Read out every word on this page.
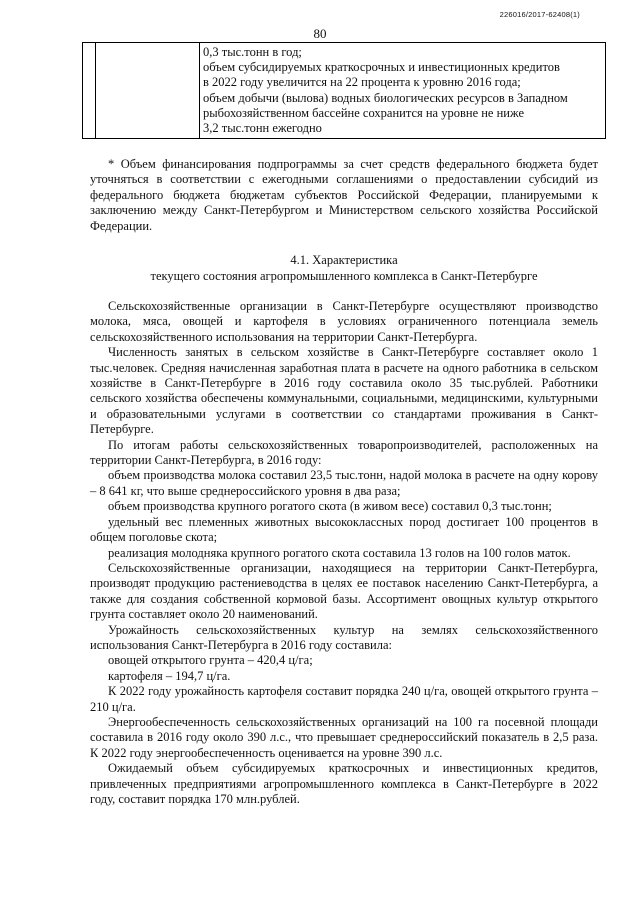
226016/2017-62408(1)
80

0,3 тыс.тонн в год;
объем субсидируемых краткосрочных и инвестиционных кредитов
в 2022 году увеличится на 22 процента к уровню 2016 года;
объем добычи (вылова) водных биологических ресурсов в Западном
рыбохозяйственном бассейне сохранится на уровне не ниже
3,2 тыс.тонн ежегодно

* Объем финансирования подпрограммы за счет средств федерального бюджета будет уточняться в соответствии с ежегодными соглашениями о предоставлении субсидий из федерального бюджета бюджетам субъектов Российской Федерации, планируемыми к заключению между Санкт-Петербургом и Министерством сельского хозяйства Российской Федерации.

4.1. Характеристика
текущего состояния агропромышленного комплекса в Санкт-Петербурге

Сельскохозяйственные организации в Санкт-Петербурге осуществляют производство молока, мяса, овощей и картофеля в условиях ограниченного потенциала земель сельскохозяйственного использования на территории Санкт-Петербурга.

Численность занятых в сельском хозяйстве в Санкт-Петербурге составляет около 1 тыс.человек. Средняя начисленная заработная плата в расчете на одного работника в сельском хозяйстве в Санкт-Петербурге в 2016 году составила около 35 тыс.рублей. Работники сельского хозяйства обеспечены коммунальными, социальными, медицинскими, культурными и образовательными услугами в соответствии со стандартами проживания в Санкт-Петербурге.

По итогам работы сельскохозяйственных товаропроизводителей, расположенных на территории Санкт-Петербурга, в 2016 году:

объем производства молока составил 23,5 тыс.тонн, надой молока в расчете на одну корову – 8 641 кг, что выше среднероссийского уровня в два раза;

объем производства крупного рогатого скота (в живом весе) составил 0,3 тыс.тонн;

удельный вес племенных животных высококлассных пород достигает 100 процентов в общем поголовье скота;

реализация молодняка крупного рогатого скота составила 13 голов на 100 голов маток.

Сельскохозяйственные организации, находящиеся на территории Санкт-Петербурга, производят продукцию растениеводства в целях ее поставок населению Санкт-Петербурга, а также для создания собственной кормовой базы. Ассортимент овощных культур открытого грунта составляет около 20 наименований.

Урожайность сельскохозяйственных культур на землях сельскохозяйственного использования Санкт-Петербурга в 2016 году составила:

овощей открытого грунта – 420,4 ц/га;

картофеля – 194,7 ц/га.

К 2022 году урожайность картофеля составит порядка 240 ц/га, овощей открытого грунта – 210 ц/га.

Энергообеспеченность сельскохозяйственных организаций на 100 га посевной площади составила в 2016 году около 390 л.с., что превышает среднероссийский показатель в 2,5 раза. К 2022 году энергообеспеченность оценивается на уровне 390 л.с.

Ожидаемый объем субсидируемых краткосрочных и инвестиционных кредитов, привлеченных предприятиями агропромышленного комплекса в Санкт-Петербурге в 2022 году, составит порядка 170 млн.рублей.
